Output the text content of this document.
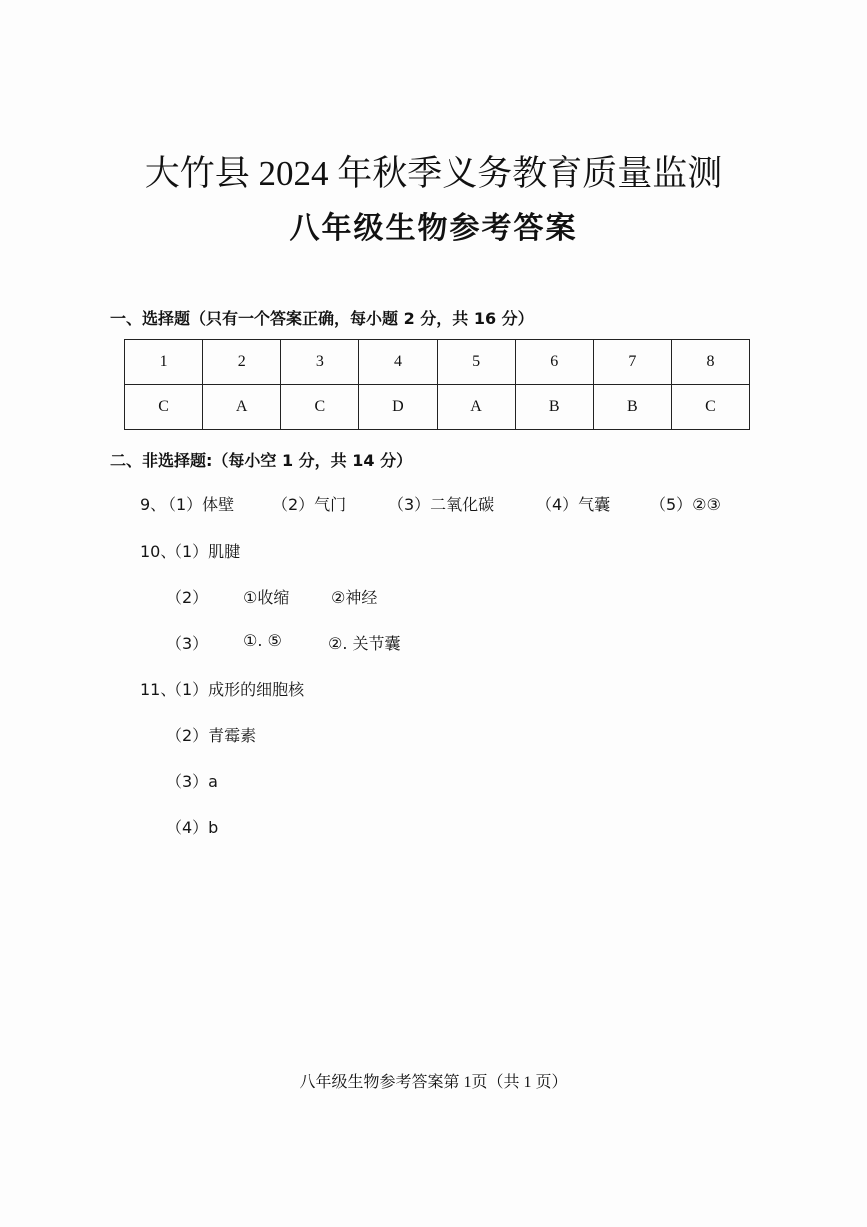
大竹县 2024 年秋季义务教育质量监测
八年级生物参考答案
一、选择题（只有一个答案正确，每小题 2 分，共 16 分）
1	2	3	4	5	6	7	8
C	A	C	D	A	B	B	C
二、非选择题:（每小空 1 分，共 14 分）
9、
（1）体壁 （2）气门	（3）二氧化碳	（4）气囊 （5）②③
10、
（1）肌腱
（2） ①收缩	②神经
（3） ①. ⑤	②. 关节囊
11、
（1）成形的细胞核
（2）青霉素
（3）a
（4）b
八年级生物参考答案第 1页（共 1 页）
